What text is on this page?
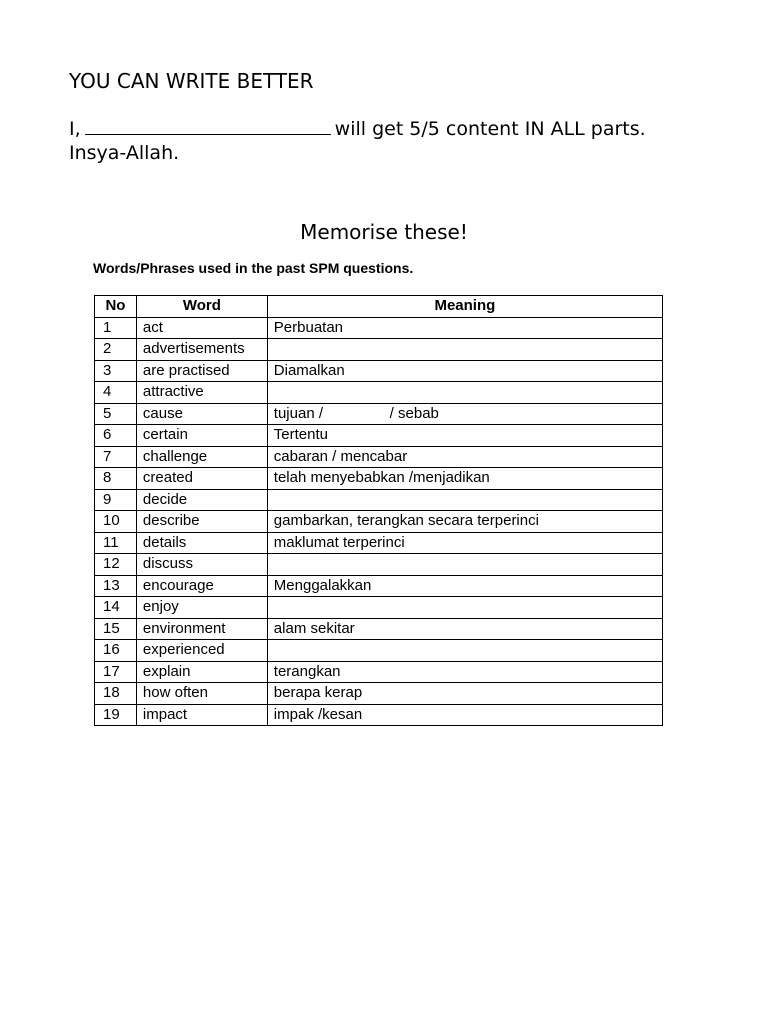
YOU CAN WRITE BETTER

I,	will get 5/5 content IN ALL parts.
Insya-Allah.

Memorise these!

Words/Phrases used in the past SPM questions.

No	Word	Meaning
1	act	Perbuatan
2	advertisements	
3	are practised	Diamalkan
4	attractive	
5	cause	tujuan /                / sebab
6	certain	Tertentu
7	challenge	cabaran / mencabar
8	created	telah menyebabkan /menjadikan
9	decide	
10	describe	gambarkan, terangkan secara terperinci
11	details	maklumat terperinci
12	discuss	
13	encourage	Menggalakkan
14	enjoy	
15	environment	alam sekitar
16	experienced	
17	explain	terangkan
18	how often	berapa kerap
19	impact	impak /kesan
